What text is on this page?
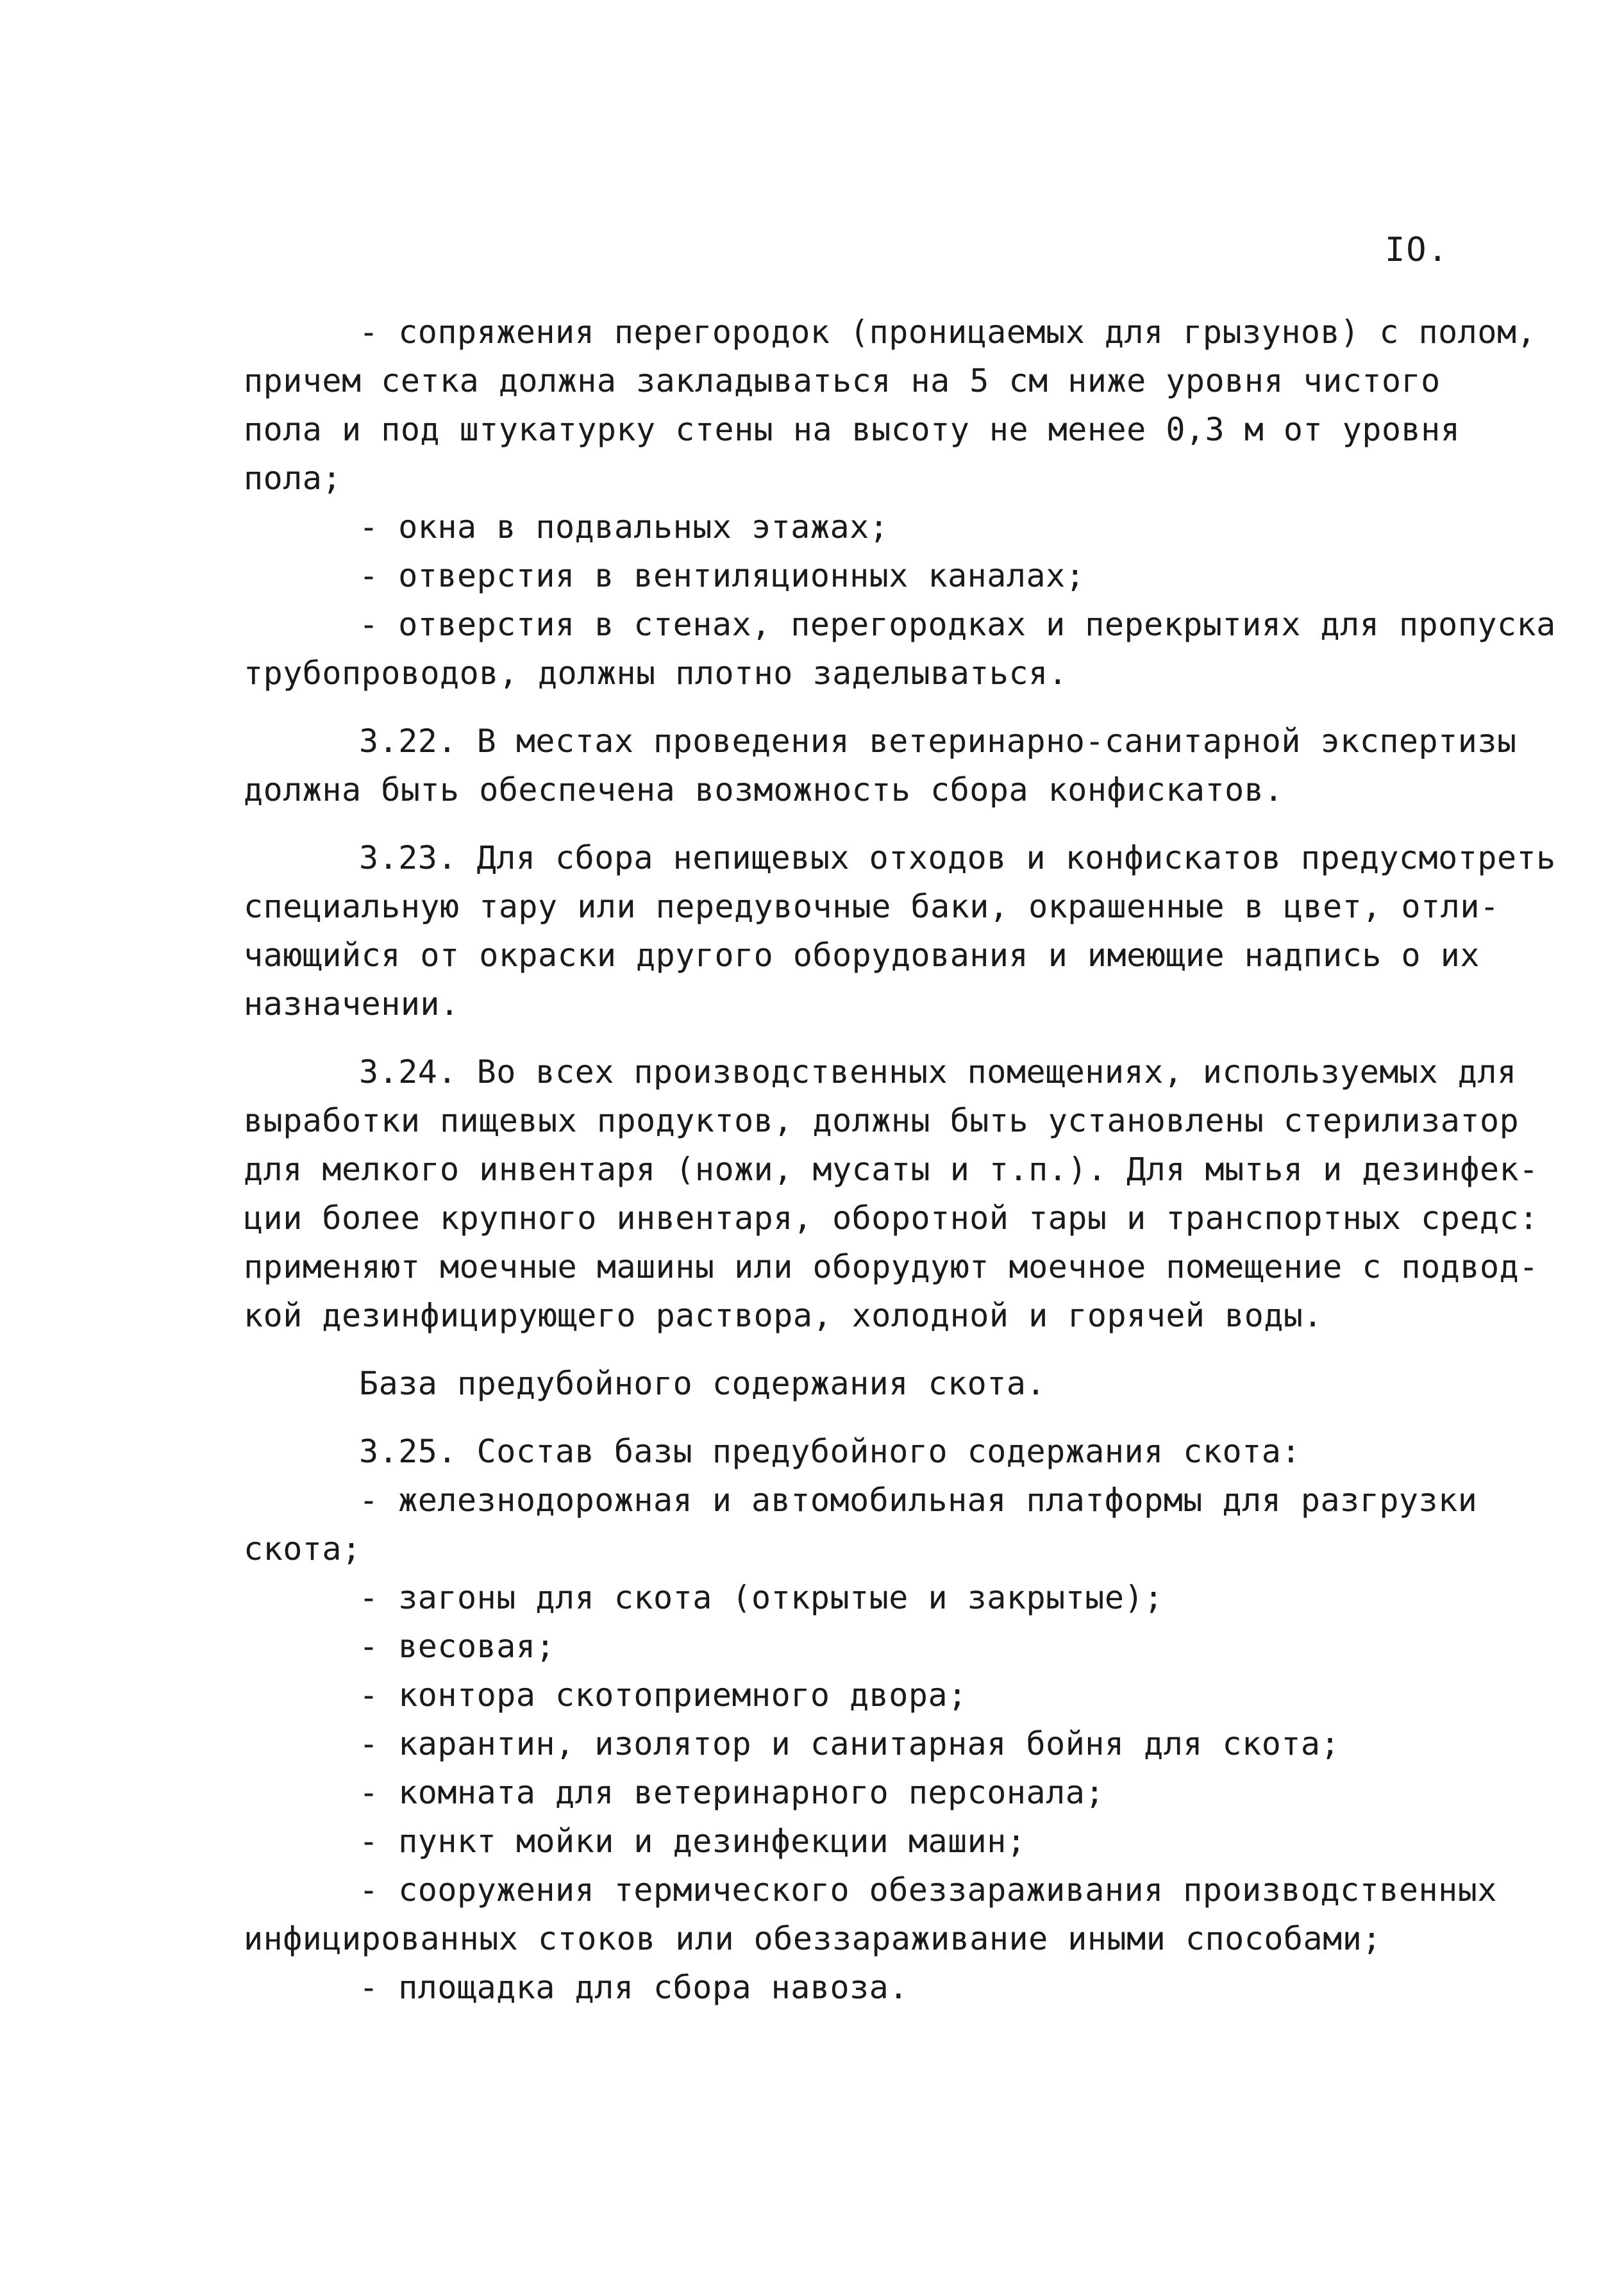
IO.
- сопряжения перегородок (проницаемых для грызунов) с полом,
причем сетка должна закладываться на 5 см ниже уровня чистого
пола и под штукатурку стены на высоту не менее 0,3 м от уровня
пола;
- окна в подвальных этажах;
- отверстия в вентиляционных каналах;
- отверстия в стенах, перегородках и перекрытиях для пропуска
трубопроводов, должны плотно заделываться.
3.22. В местах проведения ветеринарно-санитарной экспертизы
должна быть обеспечена возможность сбора конфискатов.
3.23. Для сбора непищевых отходов и конфискатов предусмотреть
специальную тару или передувочные баки, окрашенные в цвет, отли-
чающийся от окраски другого оборудования и имеющие надпись о их
назначении.
3.24. Во всех производственных помещениях, используемых для
выработки пищевых продуктов, должны быть установлены стерилизатор
для мелкого инвентаря (ножи, мусаты и т.п.). Для мытья и дезинфек-
ции более крупного инвентаря, оборотной тары и транспортных средс:
применяют моечные машины или оборудуют моечное помещение с подвод-
кой дезинфицирующего раствора, холодной и горячей воды.
База предубойного содержания скота.
3.25. Состав базы предубойного содержания скота:
- железнодорожная и автомобильная платформы для разгрузки
скота;
- загоны для скота (открытые и закрытые);
- весовая;
- контора скотоприемного двора;
- карантин, изолятор и санитарная бойня для скота;
- комната для ветеринарного персонала;
- пункт мойки и дезинфекции машин;
- сооружения термического обеззараживания производственных
инфицированных стоков или обеззараживание иными способами;
- площадка для сбора навоза.
